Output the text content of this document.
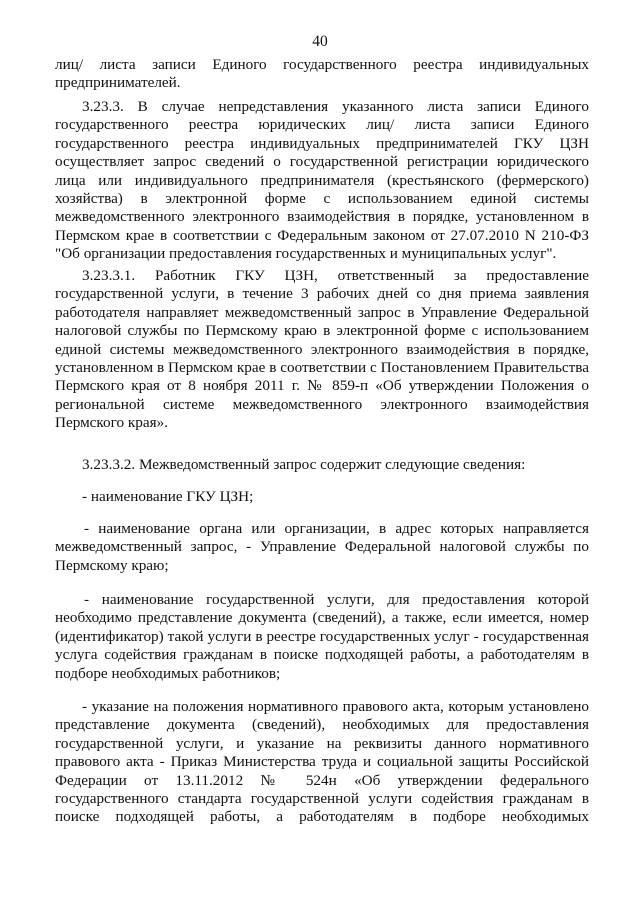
40
лиц/ листа записи Единого государственного реестра индивидуальных
предпринимателей.
3.23.3. В случае непредставления указанного листа записи Единого
государственного реестра юридических лиц/ листа записи Единого
государственного реестра индивидуальных предпринимателей ГКУ ЦЗН
осуществляет запрос сведений о государственной регистрации юридического
лица или индивидуального предпринимателя (крестьянского (фермерского)
хозяйства) в электронной форме с использованием единой системы
межведомственного электронного взаимодействия в порядке, установленном в
Пермском крае в соответствии с Федеральным законом от 27.07.2010 N 210-ФЗ
"Об организации предоставления государственных и муниципальных услуг".
3.23.3.1. Работник ГКУ ЦЗН, ответственный за предоставление
государственной услуги, в течение 3 рабочих дней со дня приема заявления
работодателя направляет межведомственный запрос в Управление Федеральной
налоговой службы по Пермскому краю в электронной форме с использованием
единой системы межведомственного электронного взаимодействия в порядке,
установленном в Пермском крае в соответствии с Постановлением Правительства
Пермского края от 8 ноября 2011 г. № 859-п «Об утверждении Положения о
региональной системе межведомственного электронного взаимодействия
Пермского края».
3.23.3.2. Межведомственный запрос содержит следующие сведения:
- наименование ГКУ ЦЗН;
- наименование органа или организации, в адрес которых направляется
межведомственный запрос, - Управление Федеральной налоговой службы по
Пермскому краю;
- наименование государственной услуги, для предоставления которой
необходимо представление документа (сведений), а также, если имеется, номер
(идентификатор) такой услуги в реестре государственных услуг - государственная
услуга содействия гражданам в поиске подходящей работы, а работодателям в
подборе необходимых работников;
- указание на положения нормативного правового акта, которым установлено
представление документа (сведений), необходимых для предоставления
государственной услуги, и указание на реквизиты данного нормативного
правового акта - Приказ Министерства труда и социальной защиты Российской
Федерации от 13.11.2012 № 524н «Об утверждении федерального
государственного стандарта государственной услуги содействия гражданам в
поиске подходящей работы, а работодателям в подборе необходимых
